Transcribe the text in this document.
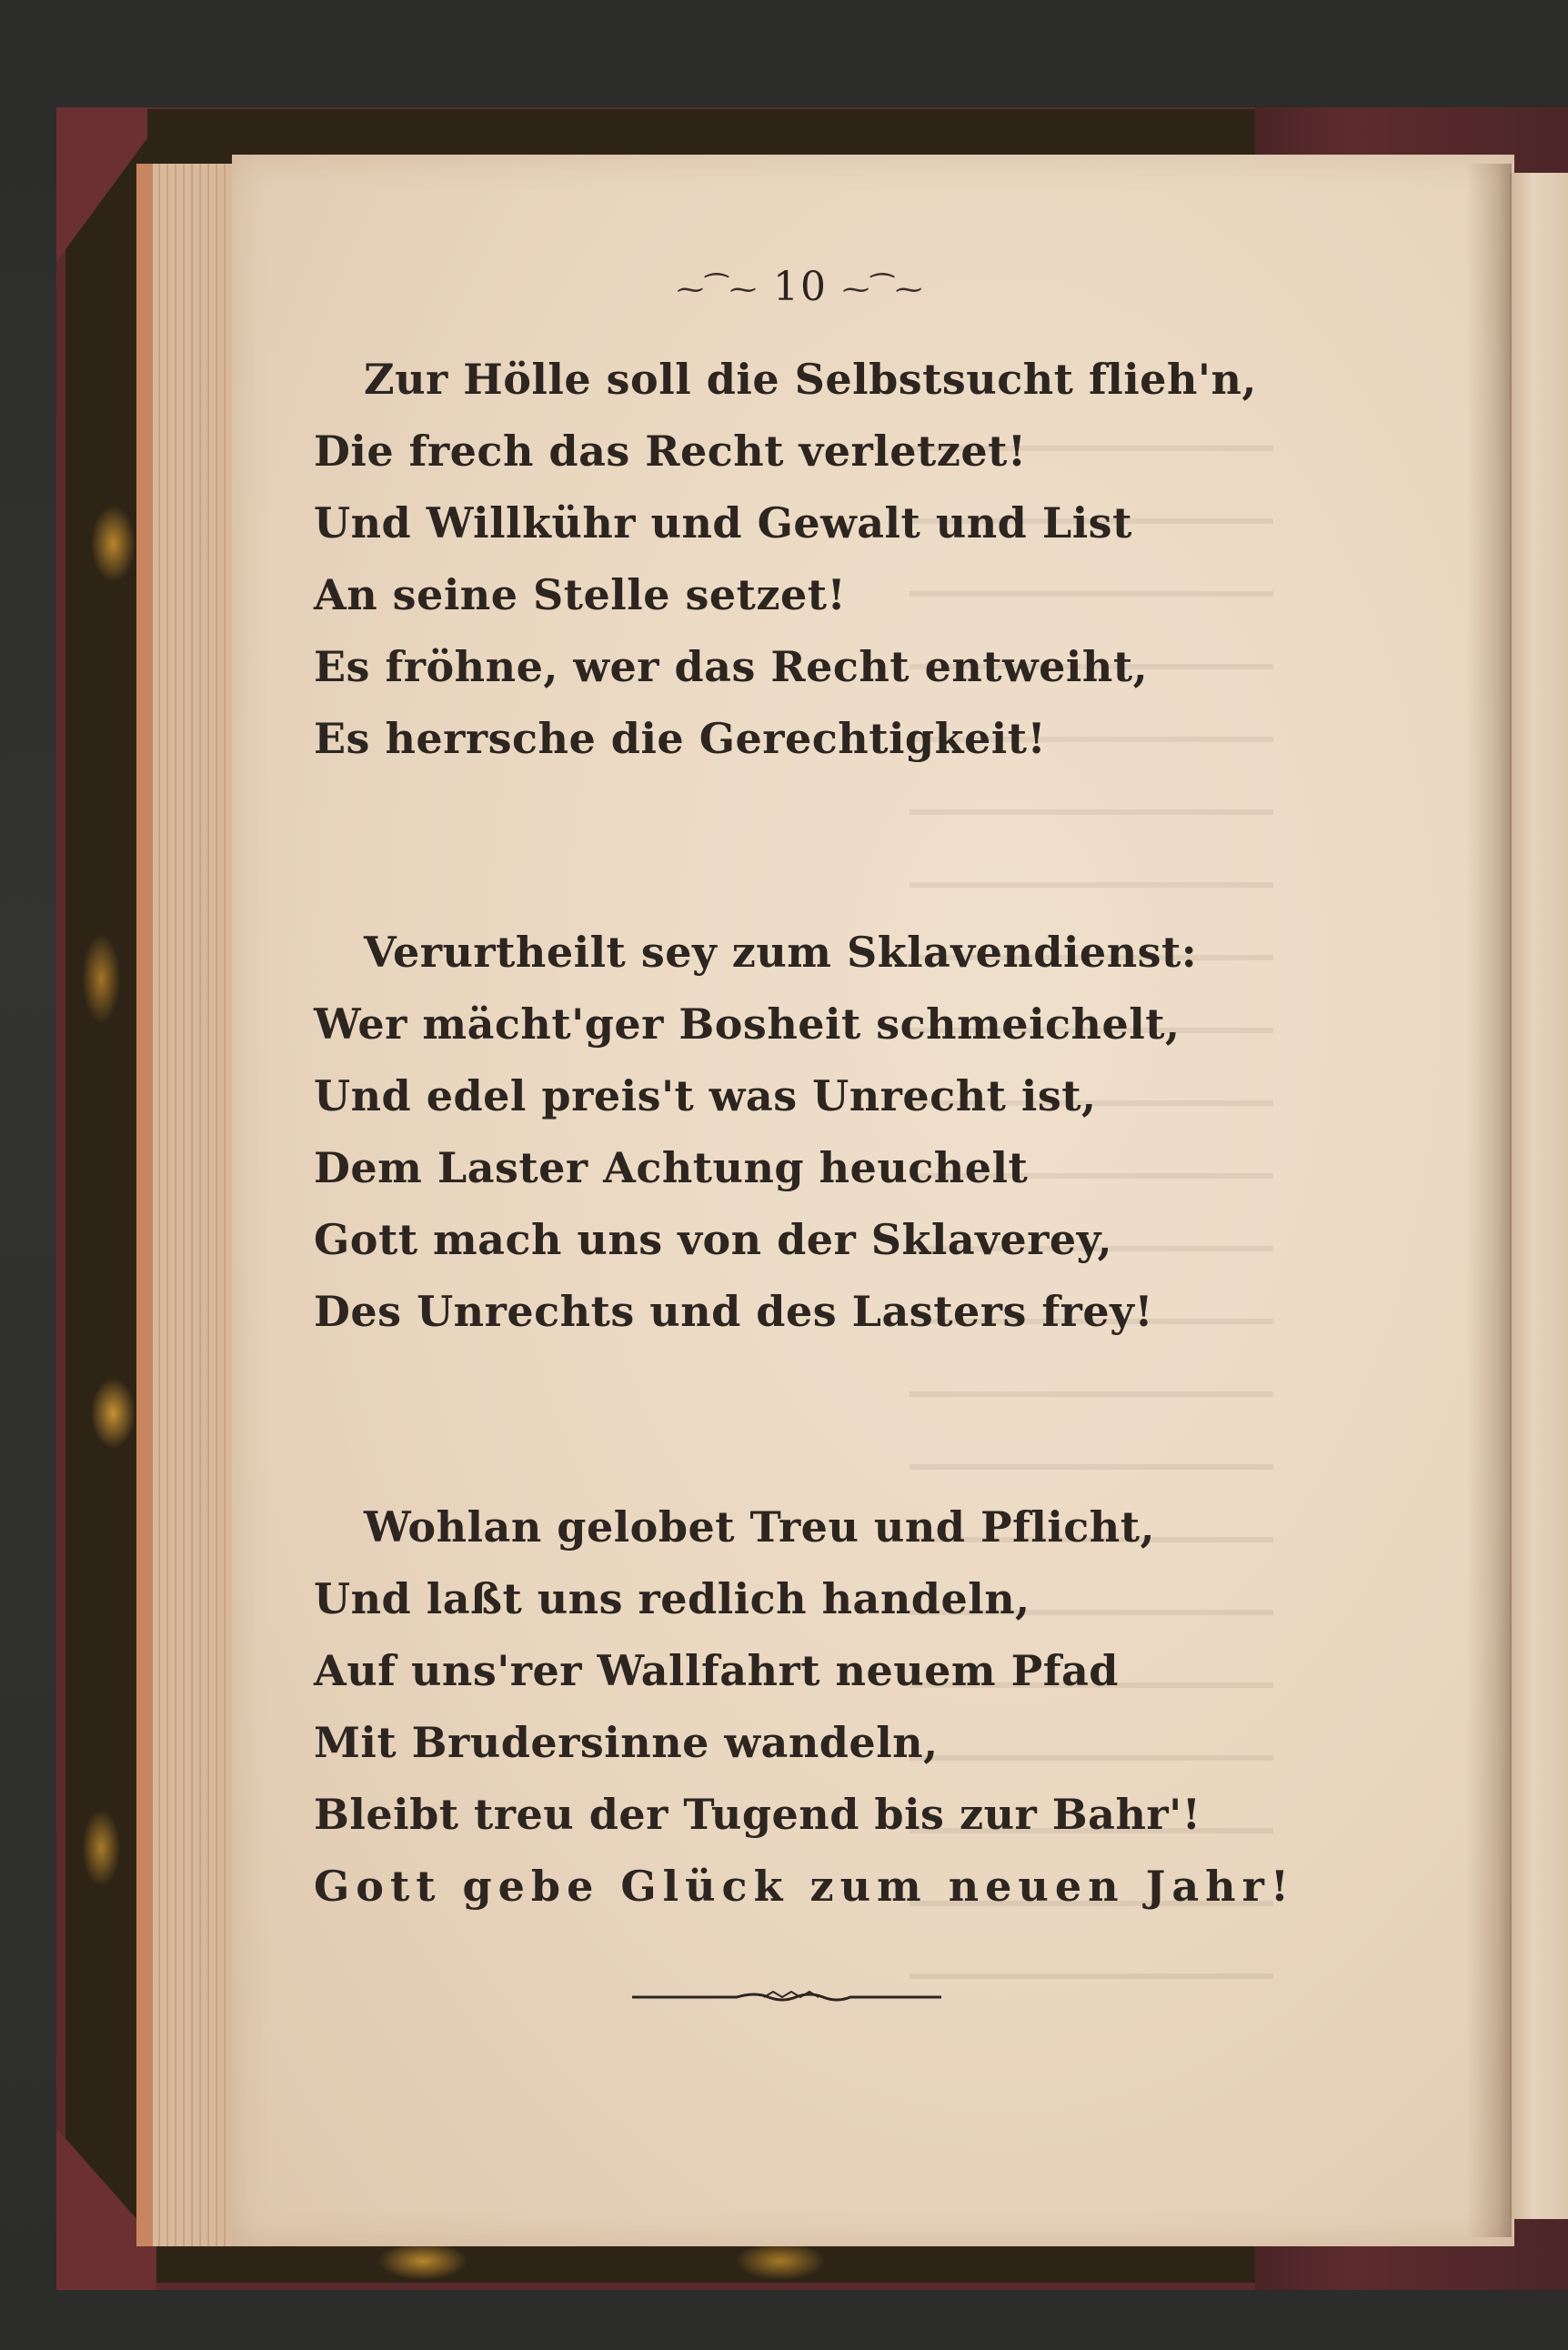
⁓⁀⁓ 10 ⁓⁀⁓
Zur Hölle soll die Selbstsucht flieh'n,
Die frech das Recht verletzet!
Und Willkühr und Gewalt und List
An seine Stelle setzet!
Es fröhne, wer das Recht entweiht,
Es herrsche die Gerechtigkeit!
Verurtheilt sey zum Sklavendienst:
Wer mächt'ger Bosheit schmeichelt,
Und edel preis't was Unrecht ist,
Dem Laster Achtung heuchelt
Gott mach uns von der Sklaverey,
Des Unrechts und des Lasters frey!
Wohlan gelobet Treu und Pflicht,
Und laßt uns redlich handeln,
Auf uns'rer Wallfahrt neuem Pfad
Mit Brudersinne wandeln,
Bleibt treu der Tugend bis zur Bahr'!
Gott gebe Glück zum neuen Jahr!
